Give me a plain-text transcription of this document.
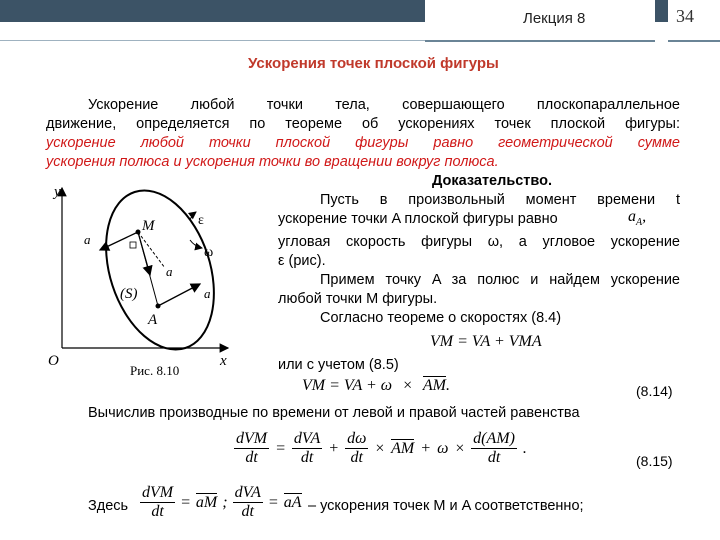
Лекция 8	34
Ускорения точек плоской фигуры
Ускорение любой точки тела, совершающего плоскопараллельное
движение, определяется по теореме об ускорениях точек плоской фигуры:
ускорение любой точки плоской фигуры равно геометрической сумме
ускорения полюса и ускорения точки во вращении вокруг полюса.
Доказательство.
y
x
O
M
A
(S)
ε
ω
a
a
a
Рис. 8.10
Пусть в произвольный момент времени t
ускорение точки A плоской фигуры равно	$a_A$,
угловая скорость фигуры ω, а угловое ускорение
ε (рис).
Примем точку A за полюс и найдем ускорение
любой точки M фигуры.
Согласно теореме о скоростях (8.4)
VM = VA + VMA
или с учетом (8.5)
VM = VA + ω × AM.	(8.14)
Вычислив производные по времени от левой и правой частей равенства
$\frac{\text{dVM}}{dt} = \frac{\text{dVA}}{dt} + \frac{d\omega}{dt}$ × AM + $\omega \times \frac{d(AM)}{dt}$ .
(8.15)
Здесь $\frac{\text{dVM}}{dt}$ = aM ; $\frac{\text{dVA}}{dt}$ = aA – ускорения точек M и A соответственно;
